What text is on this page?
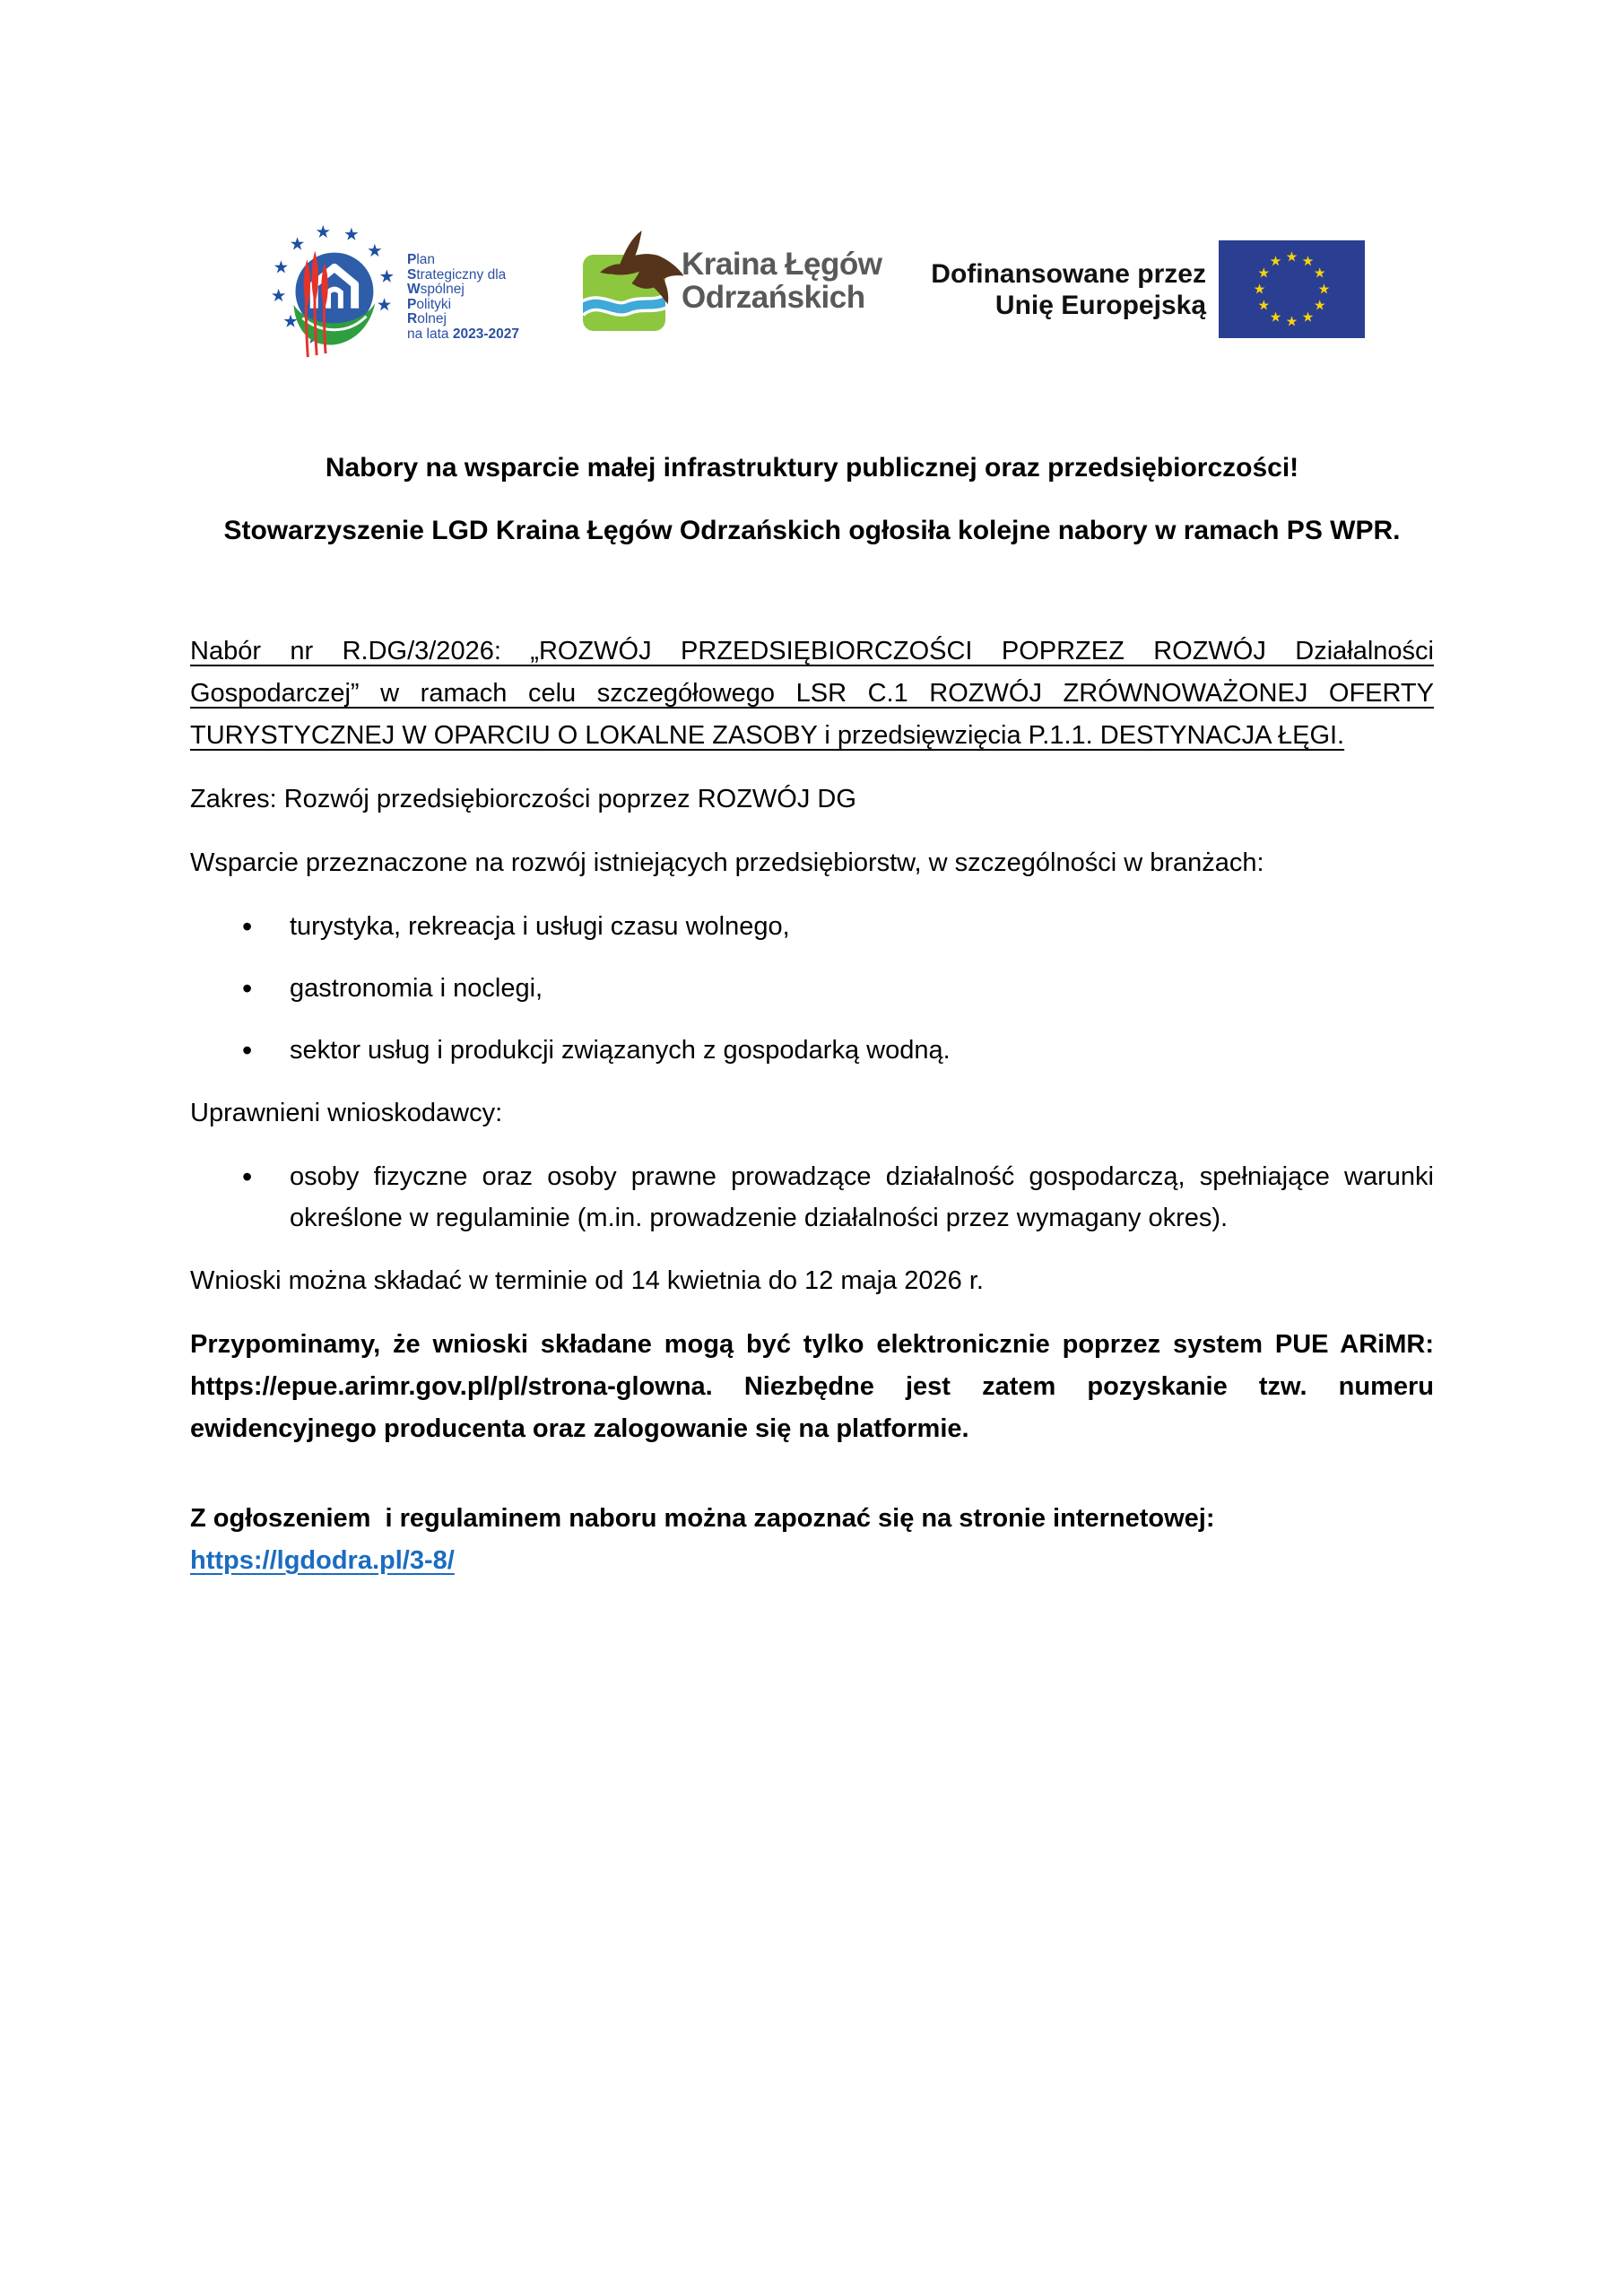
Plan
Strategiczny dla
Wspólnej
Polityki
Rolnej
na lata 2023-2027
Kraina Łęgów
Odrzańskich
Dofinansowane przez
Unię Europejską
Nabory na wsparcie małej infrastruktury publicznej oraz przedsiębiorczości!
Stowarzyszenie LGD Kraina Łęgów Odrzańskich ogłosiła kolejne nabory w ramach PS WPR.

Nabór nr R.DG/3/2026: „ROZWÓJ PRZEDSIĘBIORCZOŚCI POPRZEZ ROZWÓJ Działalności Gospodarczej” w ramach celu szczegółowego LSR C.1 ROZWÓJ ZRÓWNOWAŻONEJ OFERTY TURYSTYCZNEJ W OPARCIU O LOKALNE ZASOBY i przedsięwzięcia P.1.1. DESTYNACJA ŁĘGI.

Zakres: Rozwój przedsiębiorczości poprzez ROZWÓJ DG

Wsparcie przeznaczone na rozwój istniejących przedsiębiorstw, w szczególności w branżach:

• turystyka, rekreacja i usługi czasu wolnego,
• gastronomia i noclegi,
• sektor usług i produkcji związanych z gospodarką wodną.

Uprawnieni wnioskodawcy:

• osoby fizyczne oraz osoby prawne prowadzące działalność gospodarczą, spełniające warunki określone w regulaminie (m.in. prowadzenie działalności przez wymagany okres).

Wnioski można składać w terminie od 14 kwietnia do 12 maja 2026 r.

Przypominamy, że wnioski składane mogą być tylko elektronicznie poprzez system PUE ARiMR: https://epue.arimr.gov.pl/pl/strona-glowna. Niezbędne jest zatem pozyskanie tzw. numeru ewidencyjnego producenta oraz zalogowanie się na platformie.

Z ogłoszeniem  i regulaminem naboru można zapoznać się na stronie internetowej:

https://lgdodra.pl/3-8/
